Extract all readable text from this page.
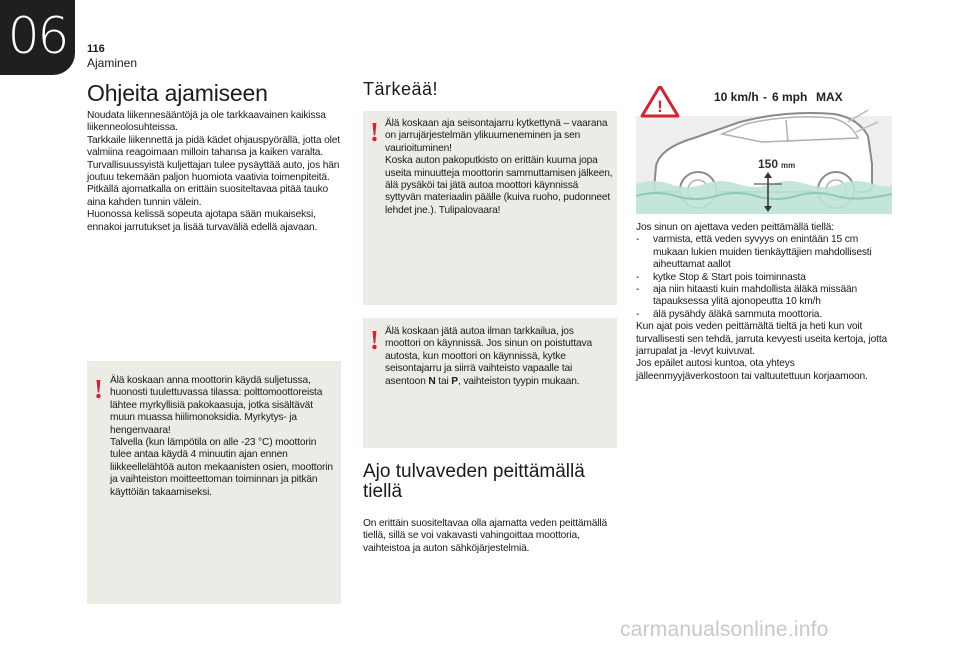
06	116
Ajaminen
Ohjeita ajamiseen

Noudata liikennesääntöjä ja ole tarkkaavainen kaikissa liikenneolosuhteissa.

Tarkkaile liikennettä ja pidä kädet ohjauspyörällä, jotta olet valmiina reagoimaan milloin tahansa ja kaiken varalta.

Turvallisuussyistä kuljettajan tulee pysäyttää auto, jos hän joutuu tekemään paljon huomiota vaativia toimenpiteitä.

Pitkällä ajomatkalla on erittäin suositeltavaa pitää tauko aina kahden tunnin välein.

Huonossa kelissä sopeuta ajotapa sään mukaiseksi, ennakoi jarrutukset ja lisää turvaväliä edellä ajavaan.

! Älä koskaan anna moottorin käydä suljetussa, huonosti tuulettuvassa tilassa: polttomoottoreista lähtee myrkyllisiä pakokaasuja, jotka sisältävät muun muassa hiilimonoksidia. Myrkytys- ja hengenvaara!

Talvella (kun lämpötila on alle -23 °C) moottorin tulee antaa käydä 4 minuutin ajan ennen liikkeellelähtöä auton mekaanisten osien, moottorin ja vaihteiston moitteettoman toiminnan ja pitkän käyttöiän takaamiseksi.

Tärkeää!
! Älä koskaan aja seisontajarru kytkettynä – vaarana on jarrujärjestelmän ylikuumeneminen ja sen vaurioituminen!

Koska auton pakoputkisto on erittäin kuuma jopa useita minuutteja moottorin sammuttamisen jälkeen, älä pysäköi tai jätä autoa moottori käynnissä syttyvän materiaalin päälle (kuiva ruoho, pudonneet lehdet jne.). Tulipalovaara!

! Älä koskaan jätä autoa ilman tarkkailua, jos moottori on käynnissä. Jos sinun on poistuttava autosta, kun moottori on käynnissä, kytke seisontajarru ja siirrä vaihteisto vapaalle tai asentoon N tai P, vaihteiston tyypin mukaan.

Ajo tulvaveden peittämällä tiellä
On erittäin suositeltavaa olla ajamatta veden peittämällä tiellä, sillä se voi vakavasti vahingoittaa moottoria, vaihteistoa ja auton sähköjärjestelmiä.
!	10 km/h - 6 mph MAX
150 mm

Jos sinun on ajettava veden peittämällä tiellä:

- varmista, että veden syvyys on enintään 15 cm mukaan lukien muiden tienkäyttäjien mahdollisesti aiheuttamat aallot
- kytke Stop & Start pois toiminnasta
- aja niin hitaasti kuin mahdollista äläkä missään tapauksessa ylitä ajonopeutta 10 km/h
- älä pysähdy äläkä sammuta moottoria.

Kun ajat pois veden peittämältä tieltä ja heti kun voit turvallisesti sen tehdä, jarruta kevyesti useita kertoja, jotta jarrupalat ja -levyt kuivuvat.

Jos epäilet autosi kuntoa, ota yhteys jälleenmyyjäverkostoon tai valtuutettuun korjaamoon.

carmanualsonline.info
